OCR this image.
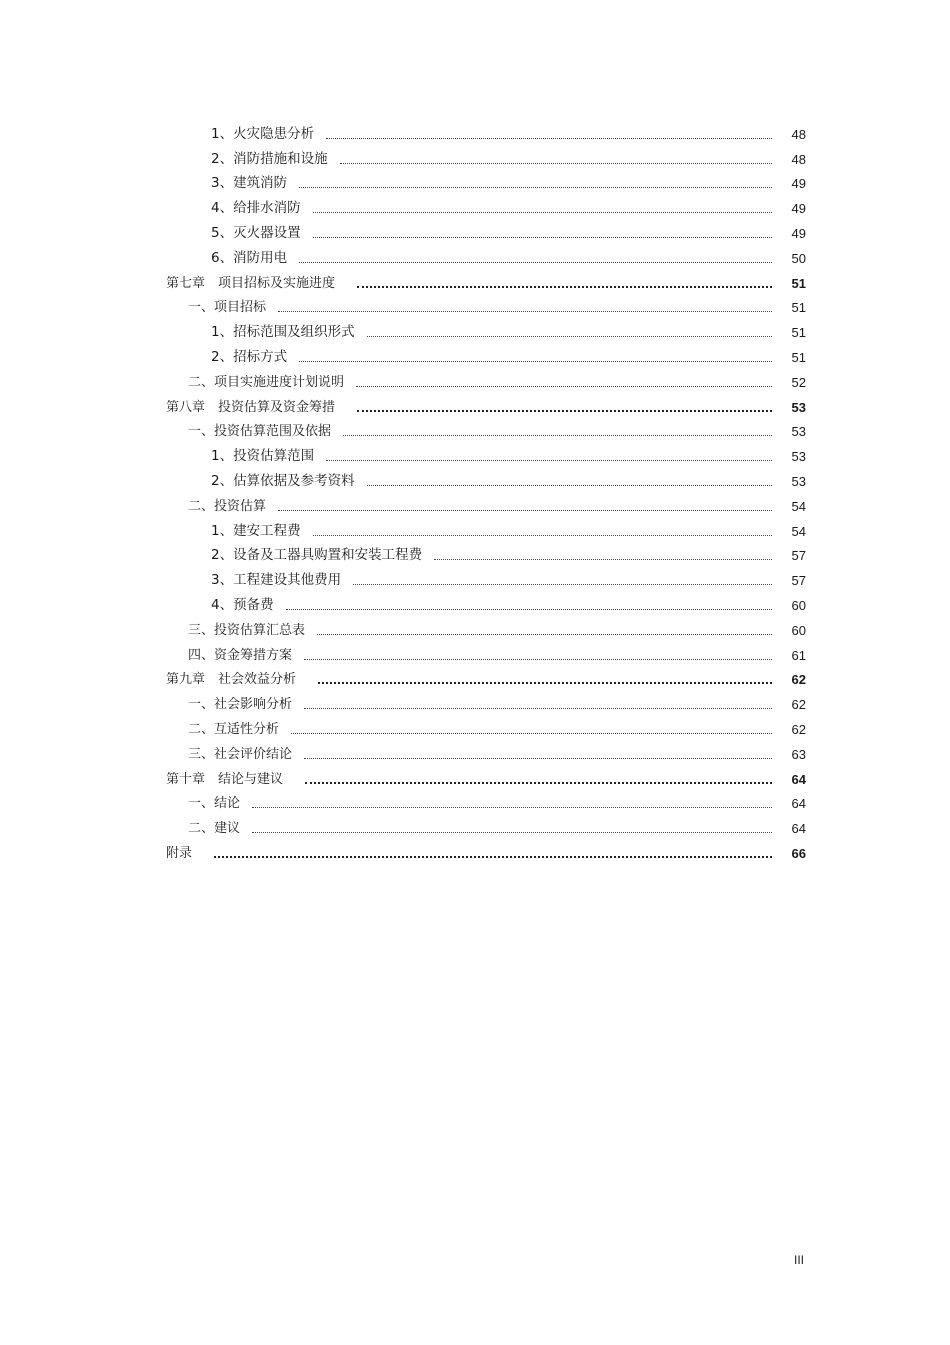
1、火灾隐患分析	48
2、消防措施和设施	48
3、建筑消防	49
4、给排水消防	49
5、灭火器设置	49
6、消防用电	50
第七章　项目招标及实施进度	51
一、项目招标	51
1、招标范围及组织形式	51
2、招标方式	51
二、项目实施进度计划说明	52
第八章　投资估算及资金筹措	53
一、投资估算范围及依据	53
1、投资估算范围	53
2、估算依据及参考资料	53
二、投资估算	54
1、建安工程费	54
2、设备及工器具购置和安装工程费	57
3、工程建设其他费用	57
4、预备费	60
三、投资估算汇总表	60
四、资金筹措方案	61
第九章　社会效益分析	62
一、社会影响分析	62
二、互适性分析	62
三、社会评价结论	63
第十章　结论与建议	64
一、结论	64
二、建议	64
附录	66
III
